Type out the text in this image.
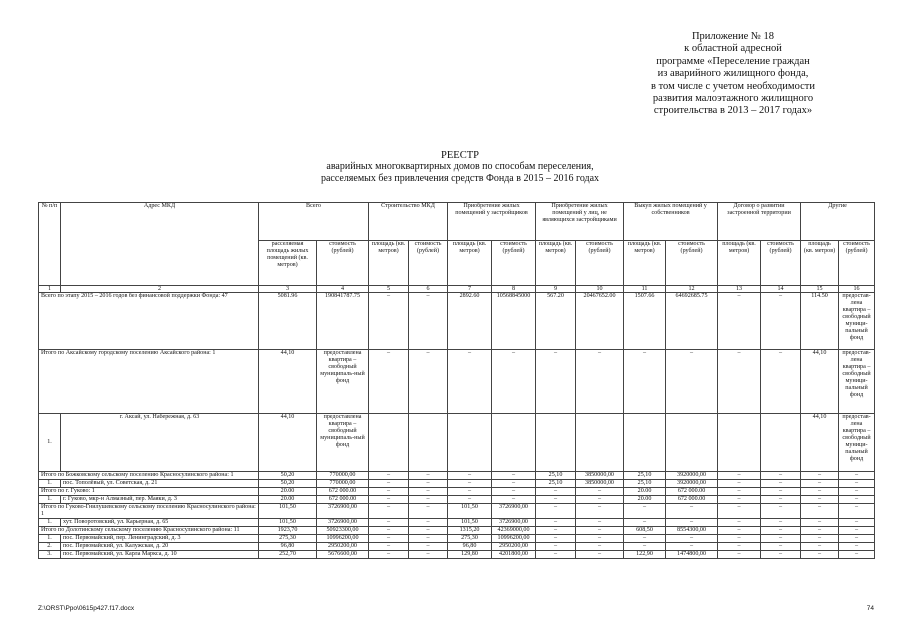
Приложение № 18
к областной адресной
программе «Переселение граждан
из аварийного жилищного фонда,
в том числе с учетом необходимости
развития малоэтажного жилищного
строительства в 2013 – 2017 годах»
РЕЕСТР
аварийных многоквартирных домов по способам переселения,
расселяемых без привлечения средств Фонда в 2015 – 2016 годах
№ п/п	Адрес МКД	Всего		Строительство МКД		Приобретение жилых помещений у застройщиков		Приобретение жилых помещений у лиц, не являющихся застройщиками		Выкуп жилых помещений у собственников		Договор о развитии застроенной территории		Другие	
		расселяемая площадь жилых помещений (кв. метров)	стоимость (рублей)	площадь (кв. метров)	стоимость (рублей)	площадь (кв. метров)	стоимость (рублей)	площадь (кв. метров)	стоимость (рублей)	площадь (кв. метров)	стоимость (рублей)	площадь (кв. метров)	стоимость (рублей)	площадь (кв. метров)	стоимость (рублей)
1	2	3	4	5	6	7	8	9	10	11	12	13	14	15	16
Всего по этапу 2015 – 2016 годов без финансовой поддержки Фонда: 47		5081.96	190841787.75	–	–	2892.60	10568845000	567.20	20467652.00	1507.66	64692685.75	–	–	114.50	предостав-лена квартира – свободный муници-пальный фонд
Итого по Аксайскому городскому поселению Аксайского района: 1		44,10	предоставлена квартира – свободный муниципаль-ный фонд	–	–	–	–	–	–	–	–	–	–	44,10	предостав-лена квартира – свободный муници-пальный фонд
1.	г. Аксай, ул. Набережная, д. 63	44,10	предоставлена квартира – свободный муниципаль-ный фонд											44,10	предостав-лена квартира – свободный муници-пальный фонд
Итого по Божковскому сельскому поселению Красносулинского района: 1		50,20	770000,00	–	–	–	–	25,10	3850000,00	25,10	3920000,00	–	–	–	–
1.	пос. Тополёвый, ул. Советская, д. 21	50,20	770000,00	–	–	–	–	25,10	3850000,00	25,10	3920000,00	–	–	–	–
Итого по г. Гуково: 1		20.00	672 000.00	–	–	–	–	–	–	20.00	672 000.00	–	–	–	–
1.	г. Гуково, мкр-н Алмазный, пер. Маяки, д. 3	20.00	672 000.00	–	–	–	–	–	–	20.00	672 000.00	–	–	–	–
Итого по Гуково-Гнилушевскому сельскому поселению Красносулинского района: 1		101,50	3726900,00	–	–	101,50	3726900,00	–	–	–	–	–	–	–	–
1.	хут. Поворотовский, ул. Карьерная, д. 65	101,50	3726900,00	–	–	101,50	3726900,00	–	–	–	–	–	–	–	–
Итого по Долотинскому сельскому поселению Красносулинского района: 11		1923,70	50923300,00	–	–	1315,20	42369000,00	–	–	608,50	8554300,00	–	–	–	–
1.	пос. Первомайский, пер. Ленинградский, д. 3	275,30	10996200,00	–	–	275,30	10996200,00	–	–	–	–	–	–	–	–
2.	пос. Первомайский, ул. Калужская, д. 20	96,80	2950200,00	–	–	96,80	2950200,00	–	–	–	–	–	–	–	–
3.	пос. Первомайский, ул. Карла Маркса, д. 10	252,70	5676600,00	–	–	129,80	4201800,00	–	–	122,90	1474800,00	–	–	–	–
Z:\ORST\Ppo\0615p427.f17.docx	74
